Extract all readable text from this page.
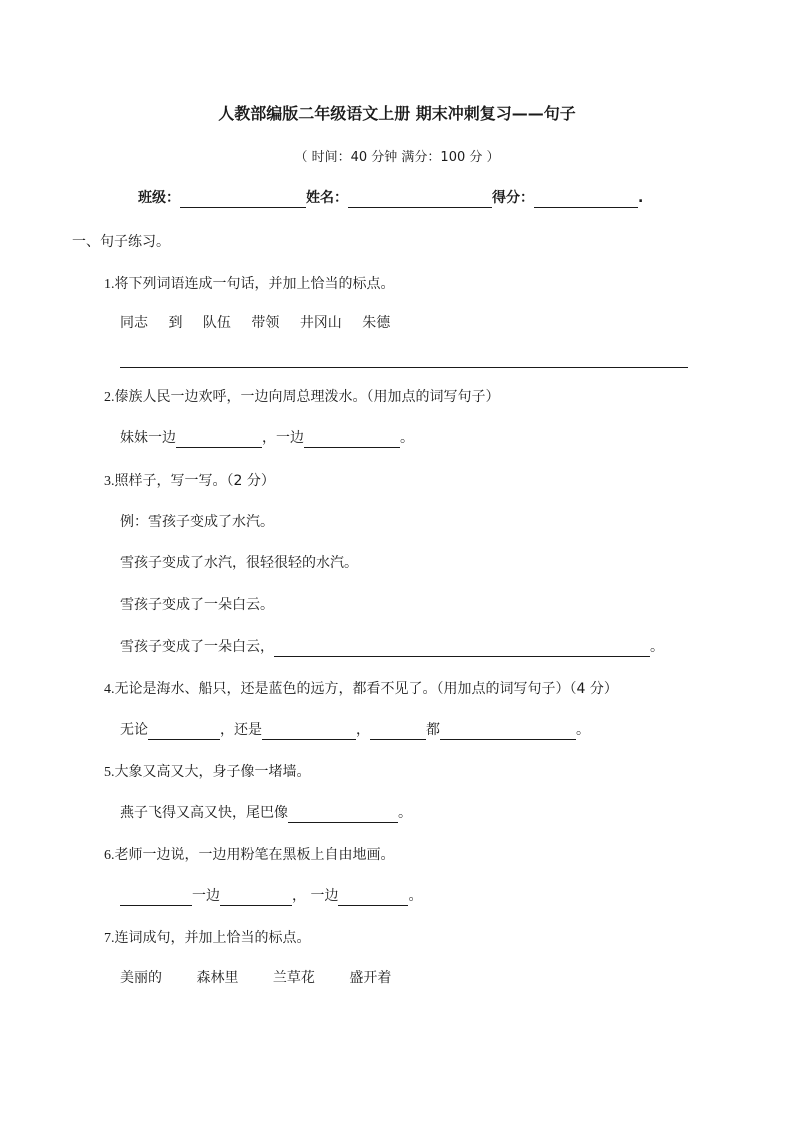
人教部编版二年级语文上册 期末冲刺复习——句子
（ 时间：40 分钟 满分：100 分 ）
班级：	姓名：	得分：	.
一、句子练习。
1.将下列词语连成一句话，并加上恰当的标点。
同志 到 队伍 带领 井冈山 朱德
2.傣族人民一边欢呼，一边向周总理泼水。（用加点的词写句子）
妹妹一边	，一边	。
3.照样子，写一写。（2 分）
例：雪孩子变成了水汽。
雪孩子变成了水汽，很轻很轻的水汽。
雪孩子变成了一朵白云。
雪孩子变成了一朵白云，	。
4.无论是海水、船只，还是蓝色的远方，都看不见了。（用加点的词写句子）（4 分）
无论	，还是	，	都	。
5.大象又高又大，身子像一堵墙。
燕子飞得又高又快，尾巴像	。
6.老师一边说，一边用粉笔在黑板上自由地画。
一边	， 一边	。
7.连词成句，并加上恰当的标点。
美丽的 森林里 兰草花 盛开着
